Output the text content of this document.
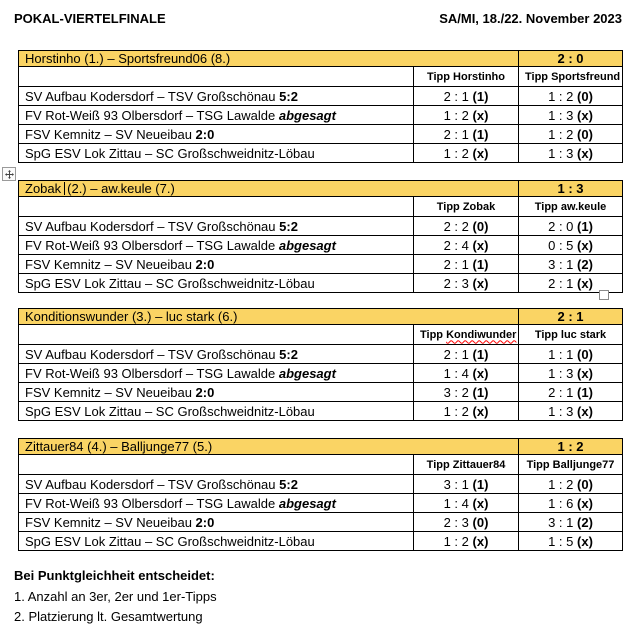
POKAL-VIERTELFINALE	SA/MI, 18./22. November 2023
Horstinho (1.) – Sportsfreund06 (8.)		2 : 0
	Tipp Horstinho	Tipp Sportsfreund
SV Aufbau Kodersdorf – TSV Großschönau 5:2	2 : 1 (1)	1 : 2 (0)
FV Rot-Weiß 93 Olbersdorf – TSG Lawalde abgesagt	1 : 2 (x)	1 : 3 (x)
FSV Kemnitz – SV Neueibau 2:0	2 : 1 (1)	1 : 2 (0)
SpG ESV Lok Zittau – SC Großschweidnitz-Löbau	1 : 2 (x)	1 : 3 (x)
Zobak (2.) – aw.keule (7.)		1 : 3
	Tipp Zobak	Tipp aw.keule
SV Aufbau Kodersdorf – TSV Großschönau 5:2	2 : 2 (0)	2 : 0 (1)
FV Rot-Weiß 93 Olbersdorf – TSG Lawalde abgesagt	2 : 4 (x)	0 : 5 (x)
FSV Kemnitz – SV Neueibau 2:0	2 : 1 (1)	3 : 1 (2)
SpG ESV Lok Zittau – SC Großschweidnitz-Löbau	2 : 3 (x)	2 : 1 (x)
Konditionswunder (3.) – luc stark (6.)		2 : 1
	Tipp Kondiwunder	Tipp luc stark
SV Aufbau Kodersdorf – TSV Großschönau 5:2	2 : 1 (1)	1 : 1 (0)
FV Rot-Weiß 93 Olbersdorf – TSG Lawalde abgesagt	1 : 4 (x)	1 : 3 (x)
FSV Kemnitz – SV Neueibau 2:0	3 : 2 (1)	2 : 1 (1)
SpG ESV Lok Zittau – SC Großschweidnitz-Löbau	1 : 2 (x)	1 : 3 (x)
Zittauer84 (4.) – Balljunge77 (5.)		1 : 2
	Tipp Zittauer84	Tipp Balljunge77
SV Aufbau Kodersdorf – TSV Großschönau 5:2	3 : 1 (1)	1 : 2 (0)
FV Rot-Weiß 93 Olbersdorf – TSG Lawalde abgesagt	1 : 4 (x)	1 : 6 (x)
FSV Kemnitz – SV Neueibau 2:0	2 : 3 (0)	3 : 1 (2)
SpG ESV Lok Zittau – SC Großschweidnitz-Löbau	1 : 2 (x)	1 : 5 (x)
Bei Punktgleichheit entscheidet:
1. Anzahl an 3er, 2er und 1er-Tipps
2. Platzierung lt. Gesamtwertung
